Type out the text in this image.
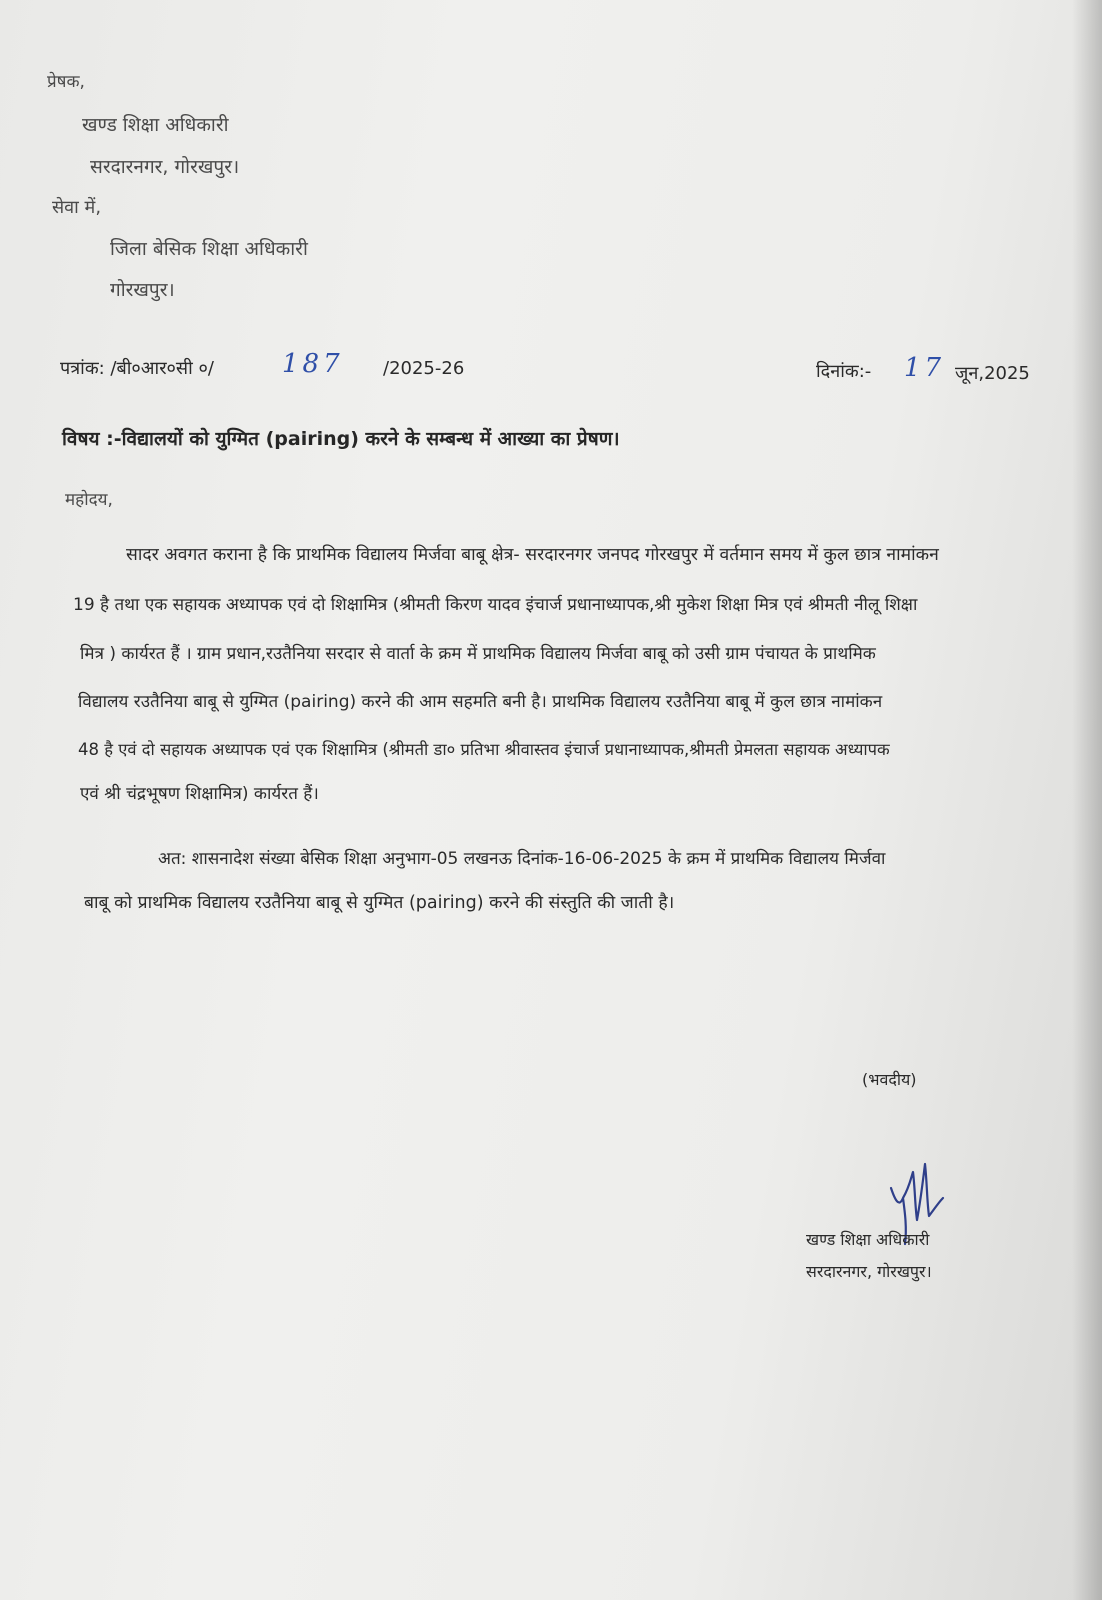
प्रेषक,
खण्ड शिक्षा अधिकारी
सरदारनगर, गोरखपुर।
सेवा में,
जिला बेसिक शिक्षा अधिकारी
गोरखपुर।
पत्रांक: /बी०आर०सी ०/	187 /2025-26	दिनांक:- 17 जून,2025
विषय :-विद्यालयों को युग्मित (pairing) करने के सम्बन्ध में आख्या का प्रेषण।
महोदय,
सादर अवगत कराना है कि प्राथमिक विद्यालय मिर्जवा बाबू क्षेत्र- सरदारनगर जनपद गोरखपुर में वर्तमान समय में कुल छात्र नामांकन
19 है तथा एक सहायक अध्यापक एवं दो शिक्षामित्र (श्रीमती किरण यादव इंचार्ज प्रधानाध्यापक,श्री मुकेश शिक्षा मित्र एवं श्रीमती नीलू शिक्षा
मित्र ) कार्यरत हैं । ग्राम प्रधान,रउतैनिया सरदार से वार्ता के क्रम में प्राथमिक विद्यालय मिर्जवा बाबू को उसी ग्राम पंचायत के प्राथमिक
विद्यालय रउतैनिया बाबू से युग्मित (pairing) करने की आम सहमति बनी है। प्राथमिक विद्यालय रउतैनिया बाबू में कुल छात्र नामांकन
48 है एवं दो सहायक अध्यापक एवं एक शिक्षामित्र (श्रीमती डा० प्रतिभा श्रीवास्तव इंचार्ज प्रधानाध्यापक,श्रीमती प्रेमलता सहायक अध्यापक
एवं श्री चंद्रभूषण शिक्षामित्र) कार्यरत हैं।
अत: शासनादेश संख्या बेसिक शिक्षा अनुभाग-05 लखनऊ दिनांक-16-06-2025 के क्रम में प्राथमिक विद्यालय मिर्जवा
बाबू को प्राथमिक विद्यालय रउतैनिया बाबू से युग्मित (pairing) करने की संस्तुति की जाती है।
(भवदीय)
खण्ड शिक्षा अधिकारी
सरदारनगर, गोरखपुर।
